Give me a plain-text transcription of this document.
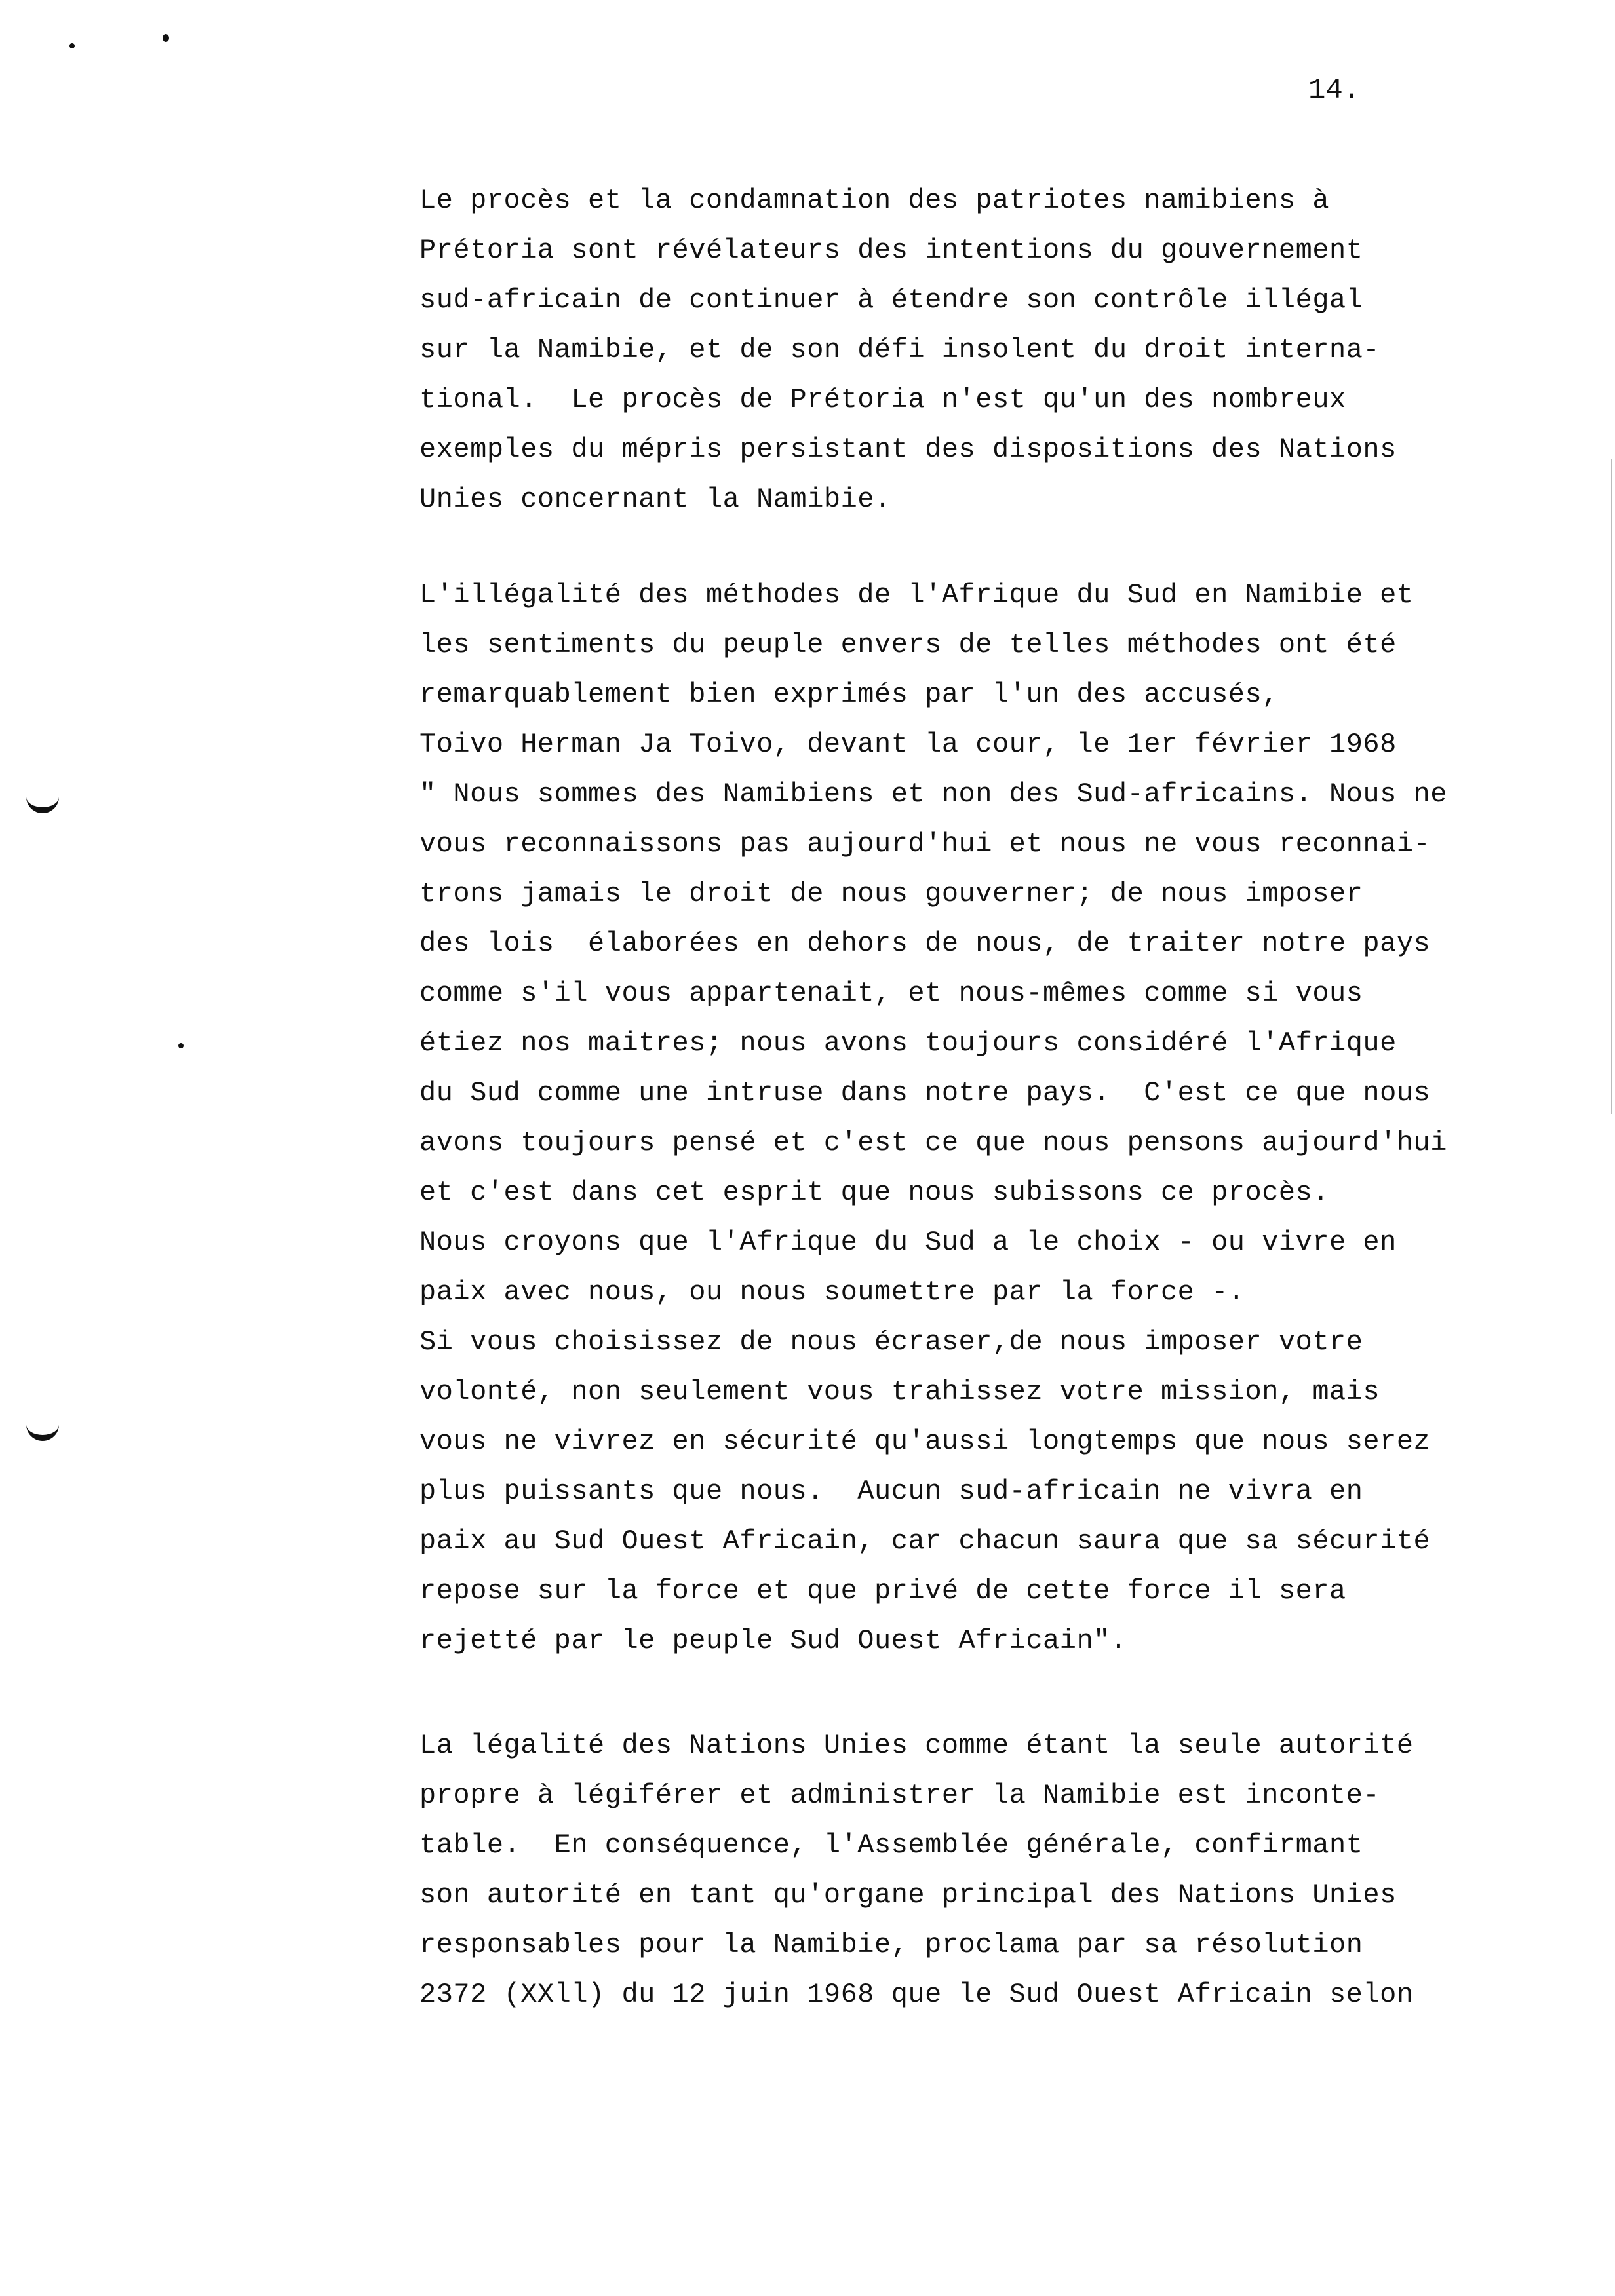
14.
Le procès et la condamnation des patriotes namibiens à
Prétoria sont révélateurs des intentions du gouvernement
sud-africain de continuer à étendre son contrôle illégal
sur la Namibie, et de son défi insolent du droit interna-
tional.  Le procès de Prétoria n'est qu'un des nombreux
exemples du mépris persistant des dispositions des Nations
Unies concernant la Namibie.
L'illégalité des méthodes de l'Afrique du Sud en Namibie et
les sentiments du peuple envers de telles méthodes ont été
remarquablement bien exprimés par l'un des accusés,
Toivo Herman Ja Toivo, devant la cour, le 1er février 1968
" Nous sommes des Namibiens et non des Sud-africains. Nous ne
vous reconnaissons pas aujourd'hui et nous ne vous reconnai-
trons jamais le droit de nous gouverner; de nous imposer
des lois  élaborées en dehors de nous, de traiter notre pays
comme s'il vous appartenait, et nous-mêmes comme si vous
étiez nos maitres; nous avons toujours considéré l'Afrique
du Sud comme une intruse dans notre pays.  C'est ce que nous
avons toujours pensé et c'est ce que nous pensons aujourd'hui
et c'est dans cet esprit que nous subissons ce procès.
Nous croyons que l'Afrique du Sud a le choix - ou vivre en
paix avec nous, ou nous soumettre par la force -.
Si vous choisissez de nous écraser,de nous imposer votre
volonté, non seulement vous trahissez votre mission, mais
vous ne vivrez en sécurité qu'aussi longtemps que nous serez
plus puissants que nous.  Aucun sud-africain ne vivra en
paix au Sud Ouest Africain, car chacun saura que sa sécurité
repose sur la force et que privé de cette force il sera
rejetté par le peuple Sud Ouest Africain".
La légalité des Nations Unies comme étant la seule autorité
propre à légiférer et administrer la Namibie est inconte-
table.  En conséquence, l'Assemblée générale, confirmant
son autorité en tant qu'organe principal des Nations Unies
responsables pour la Namibie, proclama par sa résolution
2372 (XXll) du 12 juin 1968 que le Sud Ouest Africain selon
